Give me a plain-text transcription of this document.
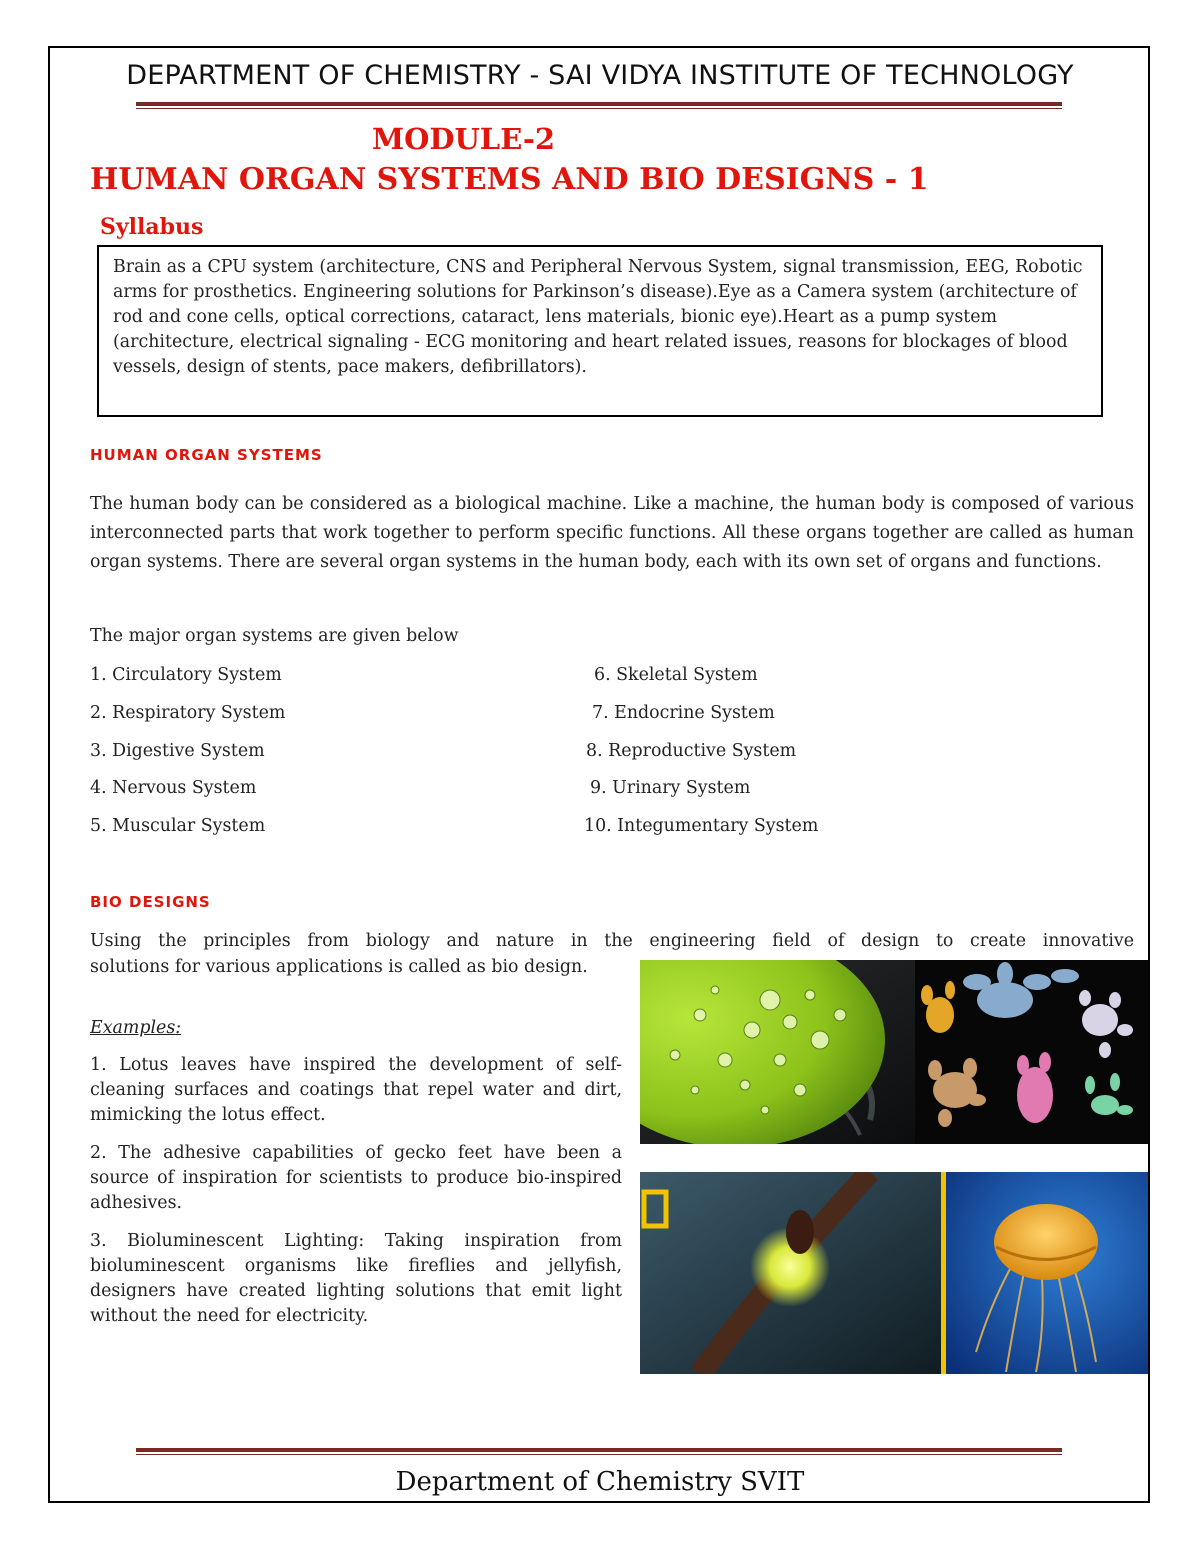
DEPARTMENT OF CHEMISTRY - SAI VIDYA INSTITUTE OF TECHNOLOGY
MODULE-2
HUMAN ORGAN SYSTEMS AND BIO DESIGNS - 1
Syllabus
Brain as a CPU system (architecture, CNS and Peripheral Nervous System, signal transmission, EEG, Robotic arms for prosthetics. Engineering solutions for Parkinson’s disease).Eye as a Camera system (architecture of rod and cone cells, optical corrections, cataract, lens materials, bionic eye).Heart as a pump system (architecture, electrical signaling - ECG monitoring and heart related issues, reasons for blockages of blood vessels, design of stents, pace makers, defibrillators).
HUMAN ORGAN SYSTEMS
The human body can be considered as a biological machine. Like a machine, the human body is composed of various interconnected parts that work together to perform specific functions. All these organs together are called as human organ systems. There are several organ systems in the human body, each with its own set of organs and functions.
The major organ systems are given below
1. Circulatory System
2. Respiratory System
3. Digestive System
4. Nervous System
5. Muscular System
6. Skeletal System
7. Endocrine System
8. Reproductive System
9. Urinary System
10. Integumentary System
BIO DESIGNS
Using the principles from biology and nature in the engineering field of design to create innovative
solutions for various applications is called as bio design.
Examples:
1. Lotus leaves have inspired the development of self-cleaning surfaces and coatings that repel water and dirt, mimicking the lotus effect.
2. The adhesive capabilities of gecko feet have been a source of inspiration for scientists to produce bio-inspired adhesives.
3. Bioluminescent Lighting: Taking inspiration from bioluminescent organisms like fireflies and jellyfish, designers have created lighting solutions that emit light without the need for electricity.
Department of Chemistry SVIT
